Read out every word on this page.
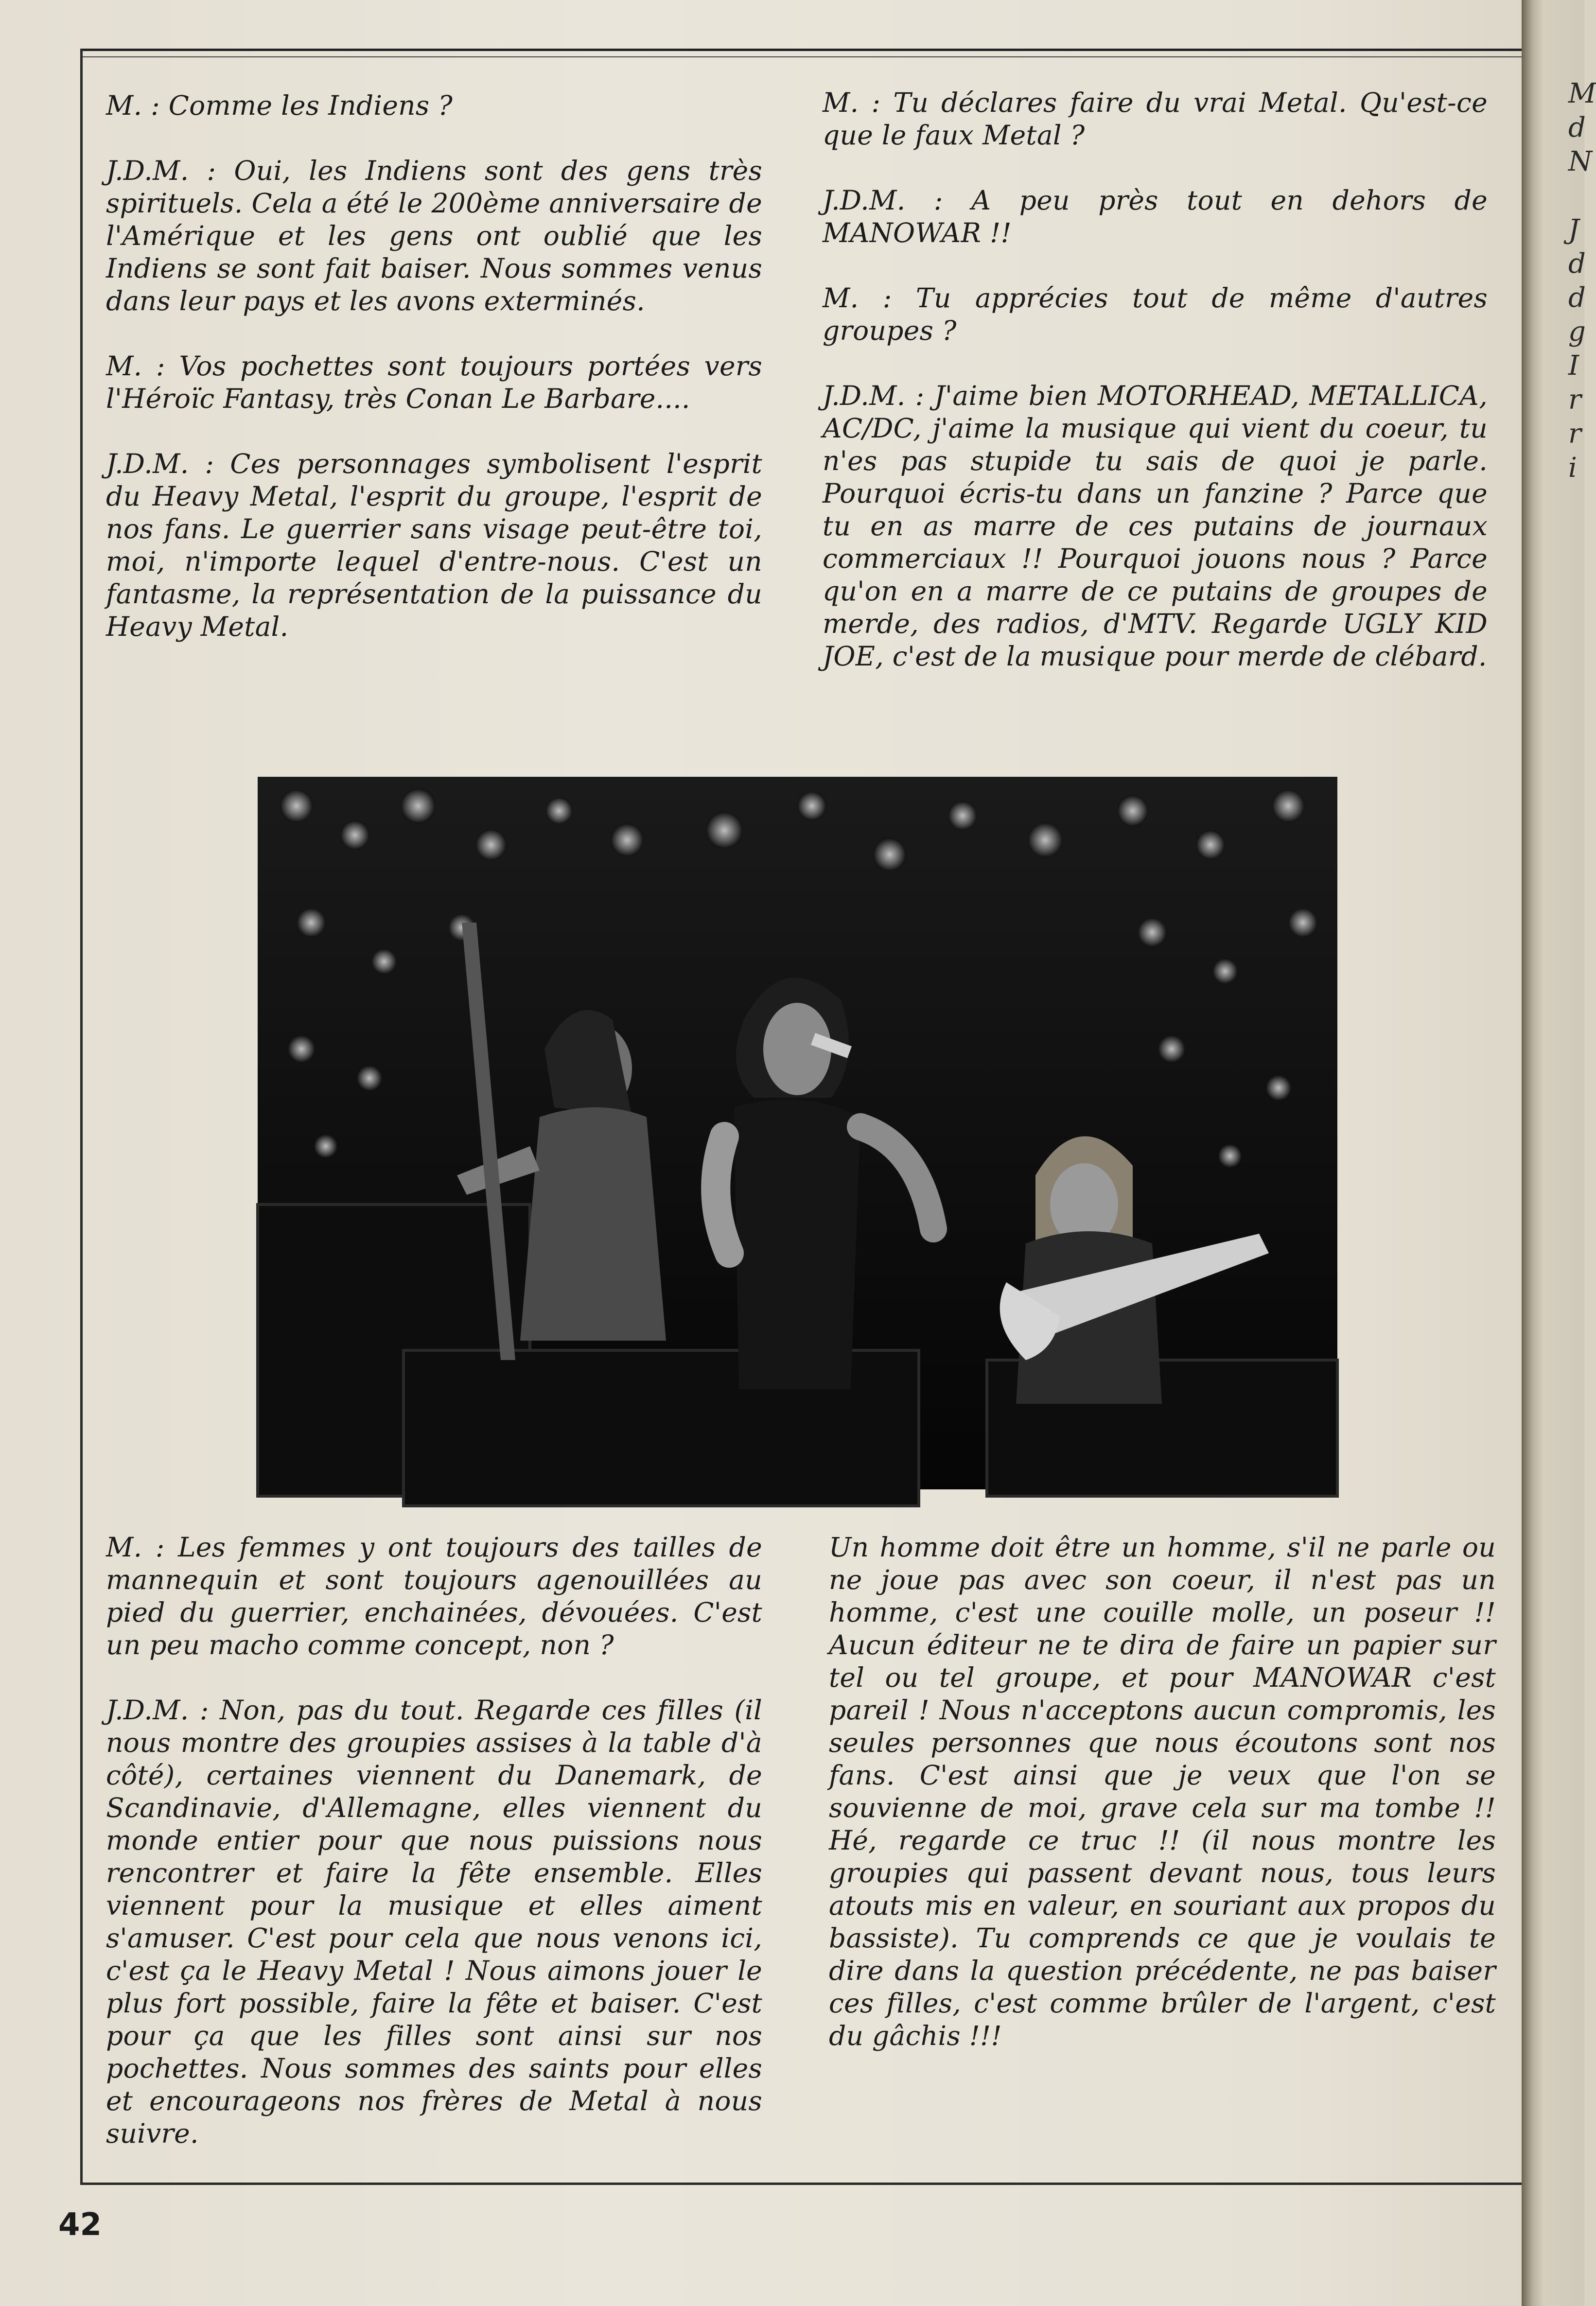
M. : Comme les Indiens ?

J.D.M. : Oui, les Indiens sont des gens très spirituels. Cela a été le 200ème anniversaire de l'Amérique et les gens ont oublié que les Indiens se sont fait baiser. Nous sommes venus dans leur pays et les avons exterminés.

M. : Vos pochettes sont toujours portées vers l'Héroïc Fantasy, très Conan Le Barbare....

J.D.M. : Ces personnages symbolisent l'esprit du Heavy Metal, l'esprit du groupe, l'esprit de nos fans. Le guerrier sans visage peut-être toi, moi, n'importe lequel d'entre-nous. C'est un fantasme, la représentation de la puissance du Heavy Metal.

M. : Tu déclares faire du vrai Metal. Qu'est-ce que le faux Metal ?

J.D.M. : A peu près tout en dehors de MANOWAR !!

M. : Tu apprécies tout de même d'autres groupes ?

J.D.M. : J'aime bien MOTORHEAD, METALLICA, AC/DC, j'aime la musique qui vient du coeur, tu n'es pas stupide tu sais de quoi je parle. Pourquoi écris-tu dans un fanzine ? Parce que tu en as marre de ces putains de journaux commerciaux !! Pourquoi jouons nous ? Parce qu'on en a marre de ce putains de groupes de merde, des radios, d'MTV. Regarde UGLY KID JOE, c'est de la musique pour merde de clébard.

M. : Les femmes y ont toujours des tailles de mannequin et sont toujours agenouillées au pied du guerrier, enchainées, dévouées. C'est un peu macho comme concept, non ?

J.D.M. : Non, pas du tout. Regarde ces filles (il nous montre des groupies assises à la table d'à côté), certaines viennent du Danemark, de Scandinavie, d'Allemagne, elles viennent du monde entier pour que nous puissions nous rencontrer et faire la fête ensemble. Elles viennent pour la musique et elles aiment s'amuser. C'est pour cela que nous venons ici, c'est ça le Heavy Metal ! Nous aimons jouer le plus fort possible, faire la fête et baiser. C'est pour ça que les filles sont ainsi sur nos pochettes. Nous sommes des saints pour elles et encourageons nos frères de Metal à nous suivre.

Un homme doit être un homme, s'il ne parle ou ne joue pas avec son coeur, il n'est pas un homme, c'est une couille molle, un poseur !! Aucun éditeur ne te dira de faire un papier sur tel ou tel groupe, et pour MANOWAR c'est pareil ! Nous n'acceptons aucun compromis, les seules personnes que nous écoutons sont nos fans. C'est ainsi que je veux que l'on se souvienne de moi, grave cela sur ma tombe !! Hé, regarde ce truc !! (il nous montre les groupies qui passent devant nous, tous leurs atouts mis en valeur, en souriant aux propos du bassiste). Tu comprends ce que je voulais te dire dans la question précédente, ne pas baiser ces filles, c'est comme brûler de l'argent, c'est du gâchis !!!

42
M
d
N
J
d
d
g
I
r
r
i
